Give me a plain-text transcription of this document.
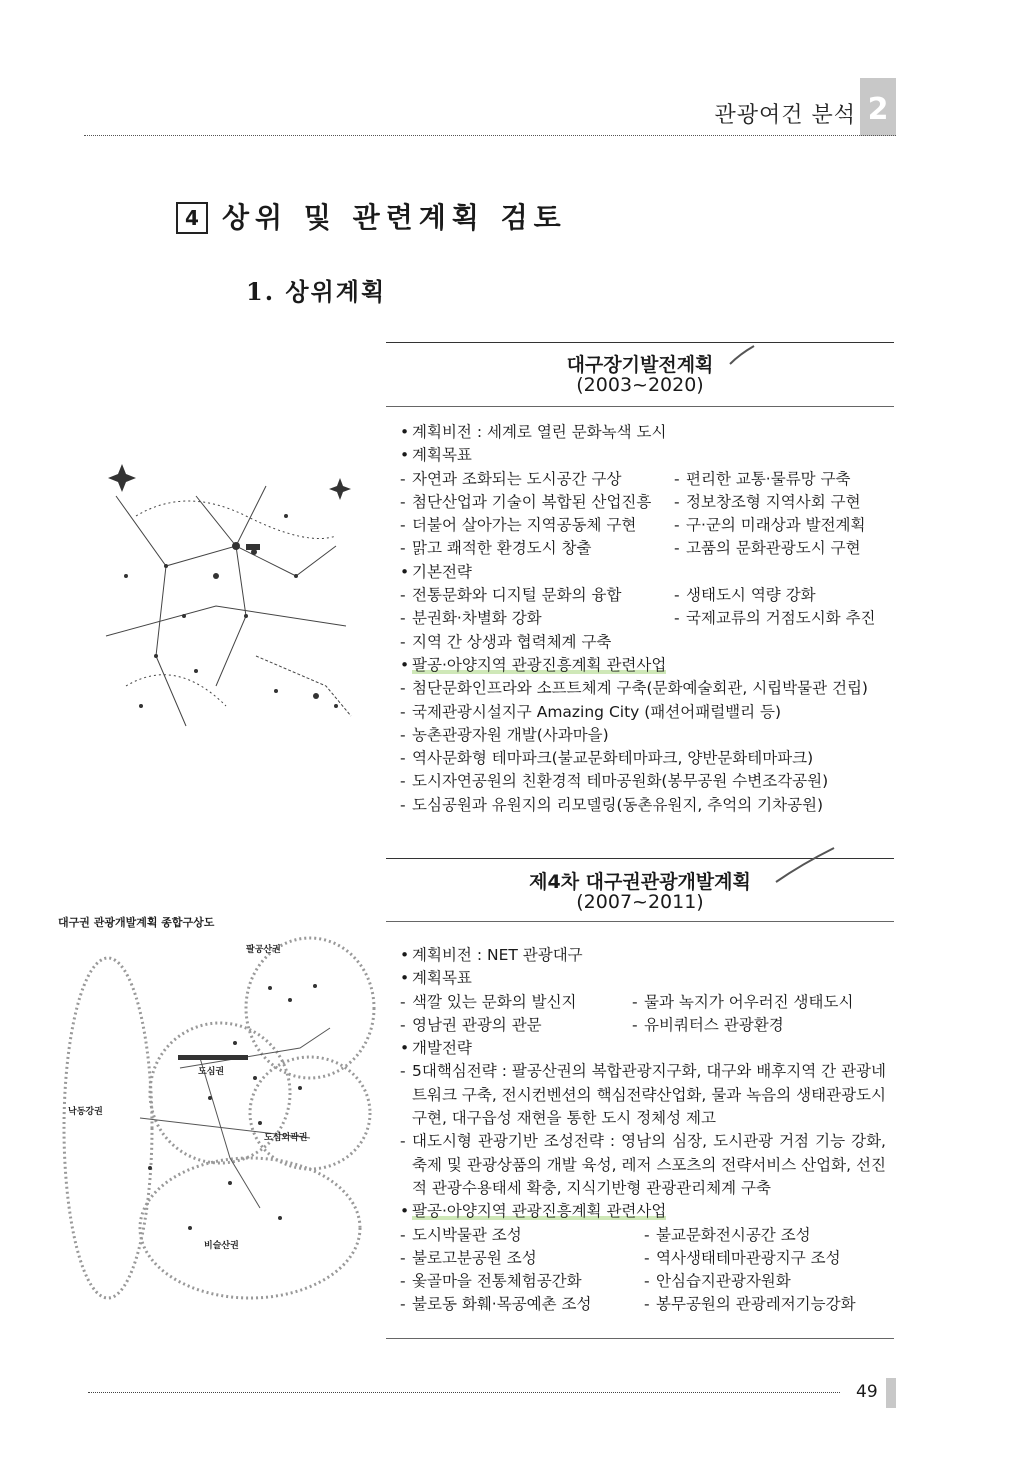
관광여건 분석 2
4 상위 및 관련계획 검토
1. 상위계획
대구장기발전계획
(2003~2020)
• 계획비전 : 세계로 열린 문화녹색 도시
• 계획목표
- 자연과 조화되는 도시공간 구상	- 편리한 교통·물류망 구축
- 첨단산업과 기술이 복합된 산업진흥	- 정보창조형 지역사회 구현
- 더불어 살아가는 지역공동체 구현	- 구·군의 미래상과 발전계획
- 맑고 쾌적한 환경도시 창출	- 고품의 문화관광도시 구현
• 기본전략
- 전통문화와 디지털 문화의 융합	- 생태도시 역량 강화
- 분권화·차별화 강화	- 국제교류의 거점도시화 추진
- 지역 간 상생과 협력체계 구축
• 팔공·아양지역 관광진흥계획 관련사업
- 첨단문화인프라와 소프트체계 구축(문화예술회관, 시립박물관 건립)
- 국제관광시설지구 Amazing City (패션어패럴밸리 등)
- 농촌관광자원 개발(사과마을)
- 역사문화형 테마파크(불교문화테마파크, 양반문화테마파크)
- 도시자연공원의 친환경적 테마공원화(봉무공원 수변조각공원)
- 도심공원과 유원지의 리모델링(동촌유원지, 추억의 기차공원)
제4차 대구권관광개발계획
(2007~2011)
• 계획비전 : NET 관광대구
• 계획목표
- 색깔 있는 문화의 발신지	- 물과 녹지가 어우러진 생태도시
- 영남권 관광의 관문	- 유비쿼터스 관광환경
• 개발전략
- 5대핵심전략 : 팔공산권의 복합관광지구화, 대구와 배후지역 간 관광네트워크 구축, 전시컨벤션의 핵심전략산업화, 물과 녹음의 생태관광도시 구현, 대구읍성 재현을 통한 도시 정체성 제고
- 대도시형 관광기반 조성전략 : 영남의 심장, 도시관광 거점 기능 강화, 축제 및 관광상품의 개발 육성, 레저 스포츠의 전략서비스 산업화, 선진적 관광수용태세 확충, 지식기반형 관광관리체계 구축
• 팔공·아양지역 관광진흥계획 관련사업
- 도시박물관 조성	- 불교문화전시공간 조성
- 불로고분공원 조성	- 역사생태테마관광지구 조성
- 옻골마을 전통체험공간화	- 안심습지관광자원화
- 불로동 화훼·목공예촌 조성	- 봉무공원의 관광레저기능강화
대구권 관광개발계획 종합구상도
팔공산권
도심권
낙동강권
도심외곽권
비슬산권
49
